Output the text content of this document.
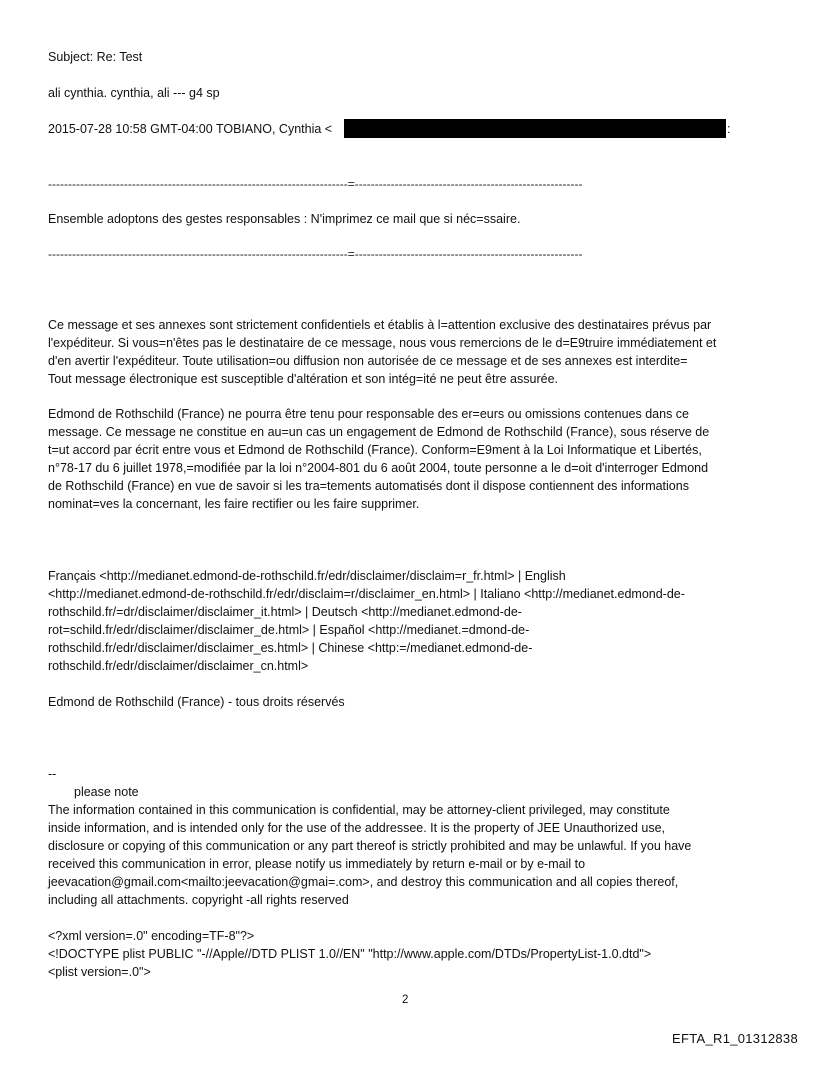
Subject: Re: Test
ali cynthia. cynthia, ali --- g4 sp
2015-07-28 10:58 GMT-04:00 TOBIANO, Cynthia <	:
---------------------------------------------------------------------------=---------------------------------------------------------
Ensemble adoptons des gestes responsables : N'imprimez ce mail que si néc=ssaire.
---------------------------------------------------------------------------=---------------------------------------------------------
Ce message et ses annexes sont strictement confidentiels et établis à l=attention exclusive des destinataires prévus par
l'expéditeur. Si vous=n'êtes pas le destinataire de ce message, nous vous remercions de le d=E9truire immédiatement et
d'en avertir l'expéditeur. Toute utilisation=ou diffusion non autorisée de ce message et de ses annexes est interdite=
Tout message électronique est susceptible d'altération et son intég=ité ne peut être assurée.
Edmond de Rothschild (France) ne pourra être tenu pour responsable des er=eurs ou omissions contenues dans ce
message. Ce message ne constitue en au=un cas un engagement de Edmond de Rothschild (France), sous réserve de
t=ut accord par écrit entre vous et Edmond de Rothschild (France). Conform=E9ment à la Loi Informatique et Libertés,
n°78-17 du 6 juillet 1978,=modifiée par la loi n°2004-801 du 6 août 2004, toute personne a le d=oit d'interroger Edmond
de Rothschild (France) en vue de savoir si les tra=tements automatisés dont il dispose contiennent des informations
nominat=ves la concernant, les faire rectifier ou les faire supprimer.
Français <http://medianet.edmond-de-rothschild.fr/edr/disclaimer/disclaim=r_fr.html> | English
<http://medianet.edmond-de-rothschild.fr/edr/disclaim=r/disclaimer_en.html> | Italiano <http://medianet.edmond-de-
rothschild.fr/=dr/disclaimer/disclaimer_it.html> | Deutsch <http://medianet.edmond-de-
rot=schild.fr/edr/disclaimer/disclaimer_de.html> | Español <http://medianet.=dmond-de-
rothschild.fr/edr/disclaimer/disclaimer_es.html> | Chinese <http:=/medianet.edmond-de-
rothschild.fr/edr/disclaimer/disclaimer_cn.html>
Edmond de Rothschild (France) - tous droits réservés
--
please note
The information contained in this communication is confidential, may be attorney-client privileged, may constitute
inside information, and is intended only for the use of the addressee. It is the property of JEE Unauthorized use,
disclosure or copying of this communication or any part thereof is strictly prohibited and may be unlawful. If you have
received this communication in error, please notify us immediately by return e-mail or by e-mail to
jeevacation@gmail.com<mailto:jeevacation@gmai=.com>, and destroy this communication and all copies thereof,
including all attachments. copyright -all rights reserved
<?xml version=.0" encoding=TF-8"?>
<!DOCTYPE plist PUBLIC "-//Apple//DTD PLIST 1.0//EN" "http://www.apple.com/DTDs/PropertyList-1.0.dtd">
<plist version=.0">
2
EFTA_R1_01312838
